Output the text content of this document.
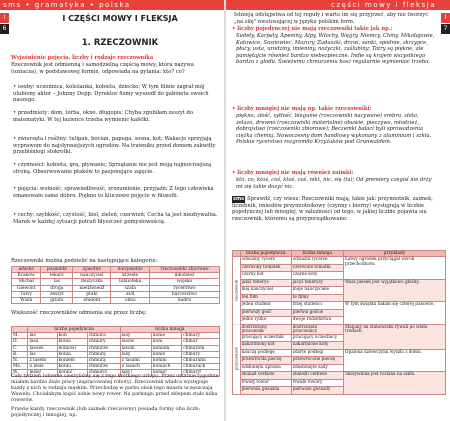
sms • gramatyka • polska
I
6
I CZĘŚCI MOWY I FLEKSJA
1. RZECZOWNIK
Wyjaśnienie pojęcia, liczby i rodzaje rzeczownika
Rzeczownik jest odmienną i samodzielną częścią mowy, która nazywa (oznacza), w podstawowej formie, odpowiada na pytania: kto? co?
• osoby: uczennica, koleżanka, kobieta, dziecko; W tym filmie zagrał mój ulubiony aktor – Johnny Depp. Dyrektor fizmy wyszedł do gabinetu swoich naszego.
• przedmioty: dom, torba, okno, długopis; Chyba zgubiłam zeszyt do matematyki. W tej łazience trzeba wymienić kafelki.
• zwierzęta i rośliny: tulipan, bocian, papuga, sosna, kot; Wakacje sprzyjają wyprawom do najsłynniejszych ogrodów. Na trawniku przed domem zakwitły przebiśniegi stokrotki.
• czynności: kobieta, gra, pływanie; Sprzątanie nie jest moją najmocniejszą stroną. Obserwowanie ptaków to pasjonujące zajęcie.
• pojęcia: wolność, sprawiedliwość, zrozumienie, przyjaźń; Z tego człowieka emanowało samo dobro. Piękno to kluczowe pojęcie w filozofii.
• cechy: szybkość, czystość, biel, zieleń, czerwień; Cecha ta jest niezbywalna. Marek w każdej sytuacji potrafi błyszczeć pomysłowością.
Rzeczowniki można podzielić na następujące kategorie:
własne	pospolite	żywotne	nieżywotne	rzeczowniki zbiorowe
Kraków	lekarz	nauczyciel	krzesło	młodzież
Michał	las	muzyczka	biblioteka	wojsko
Giewont	droga	niedźwiedź	szafa	rycerstwo
Tatry	zeszyt	ptaki	stół	harcerstwo
Wisła	gitara	student	okno	kadra
Większość rzeczowników odmienia się przez liczbę:
	liczba pojedyncza			liczba mnoga		
M.	las	koń	chmura	lasy	konie	chmury
D.	lasu	konia	chmury	lasów	koni	chmur
C.	lasowi	koniowi	chmurze	lasom	koniom	chmurom
B.	las	konia	chmurę	lasy	konie	chmury
N.	z lasem	koniem	chmurą	z lasami	końmi	chmurami
Ms.	o lesie	koniu	chmurze	o lasach	koniach	chmurach
W.	lesie!	koniu!	chmuro!	lasy!	konie!	chmury!
Cały tydzień tobienie cieszyliśmy się z tego krótkiego urlopu. Przez ostatnie tygodnie miałam bardzo dużo pracy (zapracowanej roboty). Rzeczownik władca występuje każdy z nich w rodzaju męskim. Przechodzę w parku obok tego miasta uczęszczają Wawelu. Chciałabym kupić sobie nowy rower. Na parkingu przed sklepem stało kilka rowerów.
Prawie każdy rzeczownik (lub zaimek rzeczowny) posiada formy obu liczb: pojedynczej i mnogiej, np.
części mowy i fleksja
I
7
Istnieją odstępstwa od tej reguły i warto im się przyjrzeć, aby nie tworzyć „na siłę" niestosującej w języku polskim form.
• liczby pojedynczej nie mają rzeczowniki takie jak np.:
Sudety, Karpaty, Apeniny, Alpy, Włochy, Węgry, Niemcy, Chiny, Mikołajowie, Katowice, Sosnowiec, Mazury, Zaduszki, drzwi, sanki, spodnie, skrzypce, płucy, usta, urodziny, imieniny, nożyczki, zaślubiny; Tatry są piękne, ale pamiętajcie również bardzo niebezpieczne. Indie są krajem wszystkiego bardzo z głodu. Świeżemu chmurzeniu kosz regularnie wymieniać trzeba.
• liczby mnogiej nie mają np. takie rzeczowniki:
piękno, złość, sytłość, biegunie (rzeczowniki nazywane) srebro, złoto, żelazo, drewno (rzeczowniki materialne) obuwie, pieczywo, młodzież, dobrajstwo (rzeczowniki zbiorowe); Beczemki bałaci byli sprowadzenia ciężka chemią. Nowoczesny dom handlowy wykonany z aluminium i szkła. Polskie rycerstwo rozgromiło Krzyżaków pod Grunwaldem.
• liczby mnogiej nie mają również zaimki:
kto, co, ktoś, coś, ktoś, coś, nikt, nic, się (ta); Od premiery czegoś nie drży mi się takie dosyć nic.
sms Sprawdź, czy wiesz: Rzeczowniki mają, takie jak: przymiotnik, zaimek, liczebnik, imiesłów przymiotnikowy (czynny i bierny) występują w liczbie pojedynczej lub mnogiej, w zależności od tego, w jakiej liczbie pojawia się rzeczownik, któremu są przyporządkowane:
	liczba pojedyncza	liczba mnoga	przykłady
rzeczownik	odważny rycerz	odważni rycerze	Łatwy ogródek przyciągał wzrok przechodniów.
	czerwony tomatek	czerwone tomatki	
	czarny kot	czarne koty	
	jakiś tenerys	jacyś tenerysy	Wasz piesek jest wyjątkowo głośny.
	mój nauczyciel	moje nauczyciele	
	ten film	te filmy	
	jeden student	trzej studenci	W tym świątku bałam się czterej panowie.
	pierwszy gość	pierwsi goście	
	jedno ryżko	dwoje rodzeństwa	
przymiotnik	dostrzeżony pracownik	dostrzeżeni pracownicy	Maljany na stanowisku rywali po wielu trudach.
	pracujący uczestnik	pracujący uczestnicy	
	nakarmiony kot	nakarmione koty	
	nauczą podlegę	zdarte podłogi	Opalona dziewczyna wyszła z domu.
	przewróciła pieczę	przewrócone pieczę	
	odsłonięta uprawa	zdesłonięte sądy	
	znalazł cerkiew	znaleźli cerkwie	Skrzywiona jest rozlana na szkło.
	trwały towar	trwałe towary	
	pierwsza gwiazda	pierwsze gwiazdy	
